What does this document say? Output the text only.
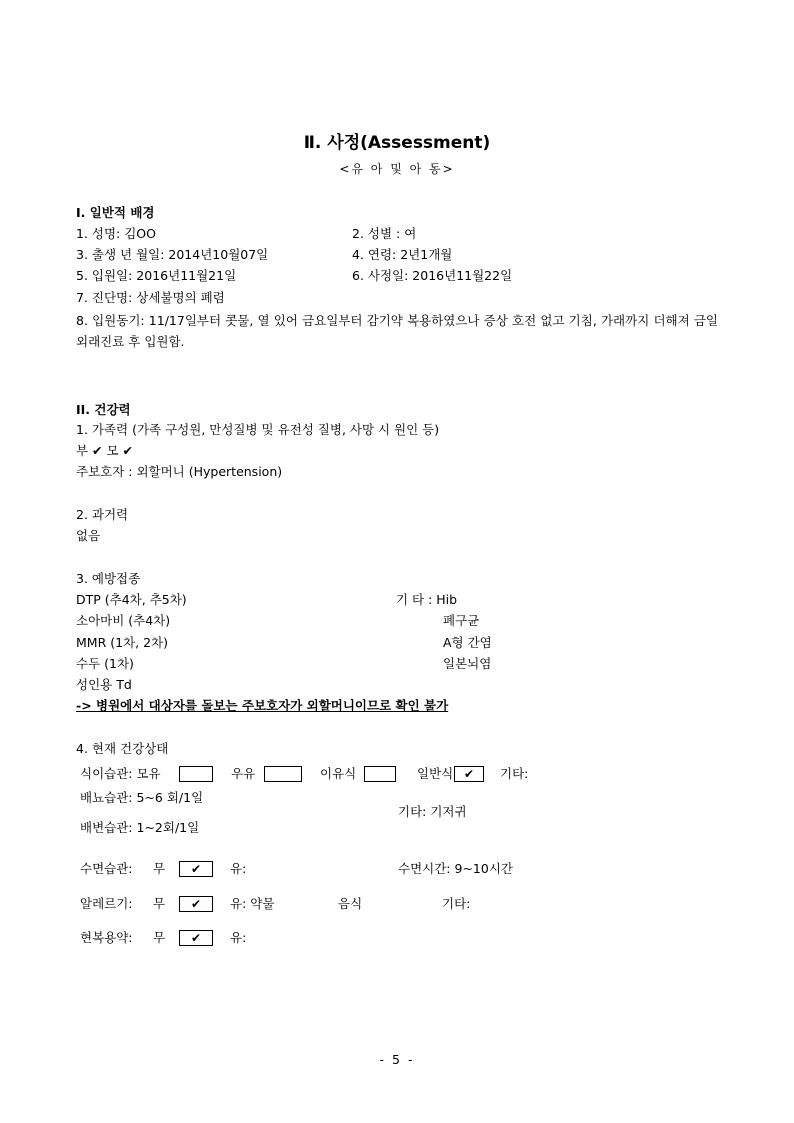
Ⅱ. 사정(Assessment)
<유 아 및 아 동>
I. 일반적 배경
1. 성명: 김OO	2. 성별 : 여
3. 출생 년 월일: 2014년10월07일	4. 연령: 2년1개월
5. 입원일: 2016년11월21일	6. 사정일: 2016년11월22일
7. 진단명: 상세불명의 폐렴
8. 입원동기: 11/17일부터 콧물, 열 있어 금요일부터 감기약 복용하였으나 증상 호전 없고 기침, 가래까지 더해져 금일 외래진료 후 입원함.
II. 건강력
1. 가족력 (가족 구성원, 만성질병 및 유전성 질병, 사망 시 원인 등)
부 ✔ 모 ✔
주보호자 : 외할머니 (Hypertension)
2. 과거력
없음
3. 예방접종
DTP (추4차, 추5차)	기 타 : Hib
소아마비 (추4차)	폐구균
MMR (1차, 2차)	A형 간염
수두 (1차)	일본뇌염
성인용 Td
-> 병원에서 대상자를 돌보는 주보호자가 외할머니이므로 확인 불가
4. 현재 건강상태
식이습관: 모유	우유	이유식	일반식 ✔	기타:
배뇨습관: 5~6 회/1일
기타: 기저귀
배변습관: 1~2회/1일
수면습관: 무	✔	유:	수면시간: 9~10시간
알레르기: 무	✔	유: 약물	음식	기타:
현복용약: 무	✔	유:
- 5 -
